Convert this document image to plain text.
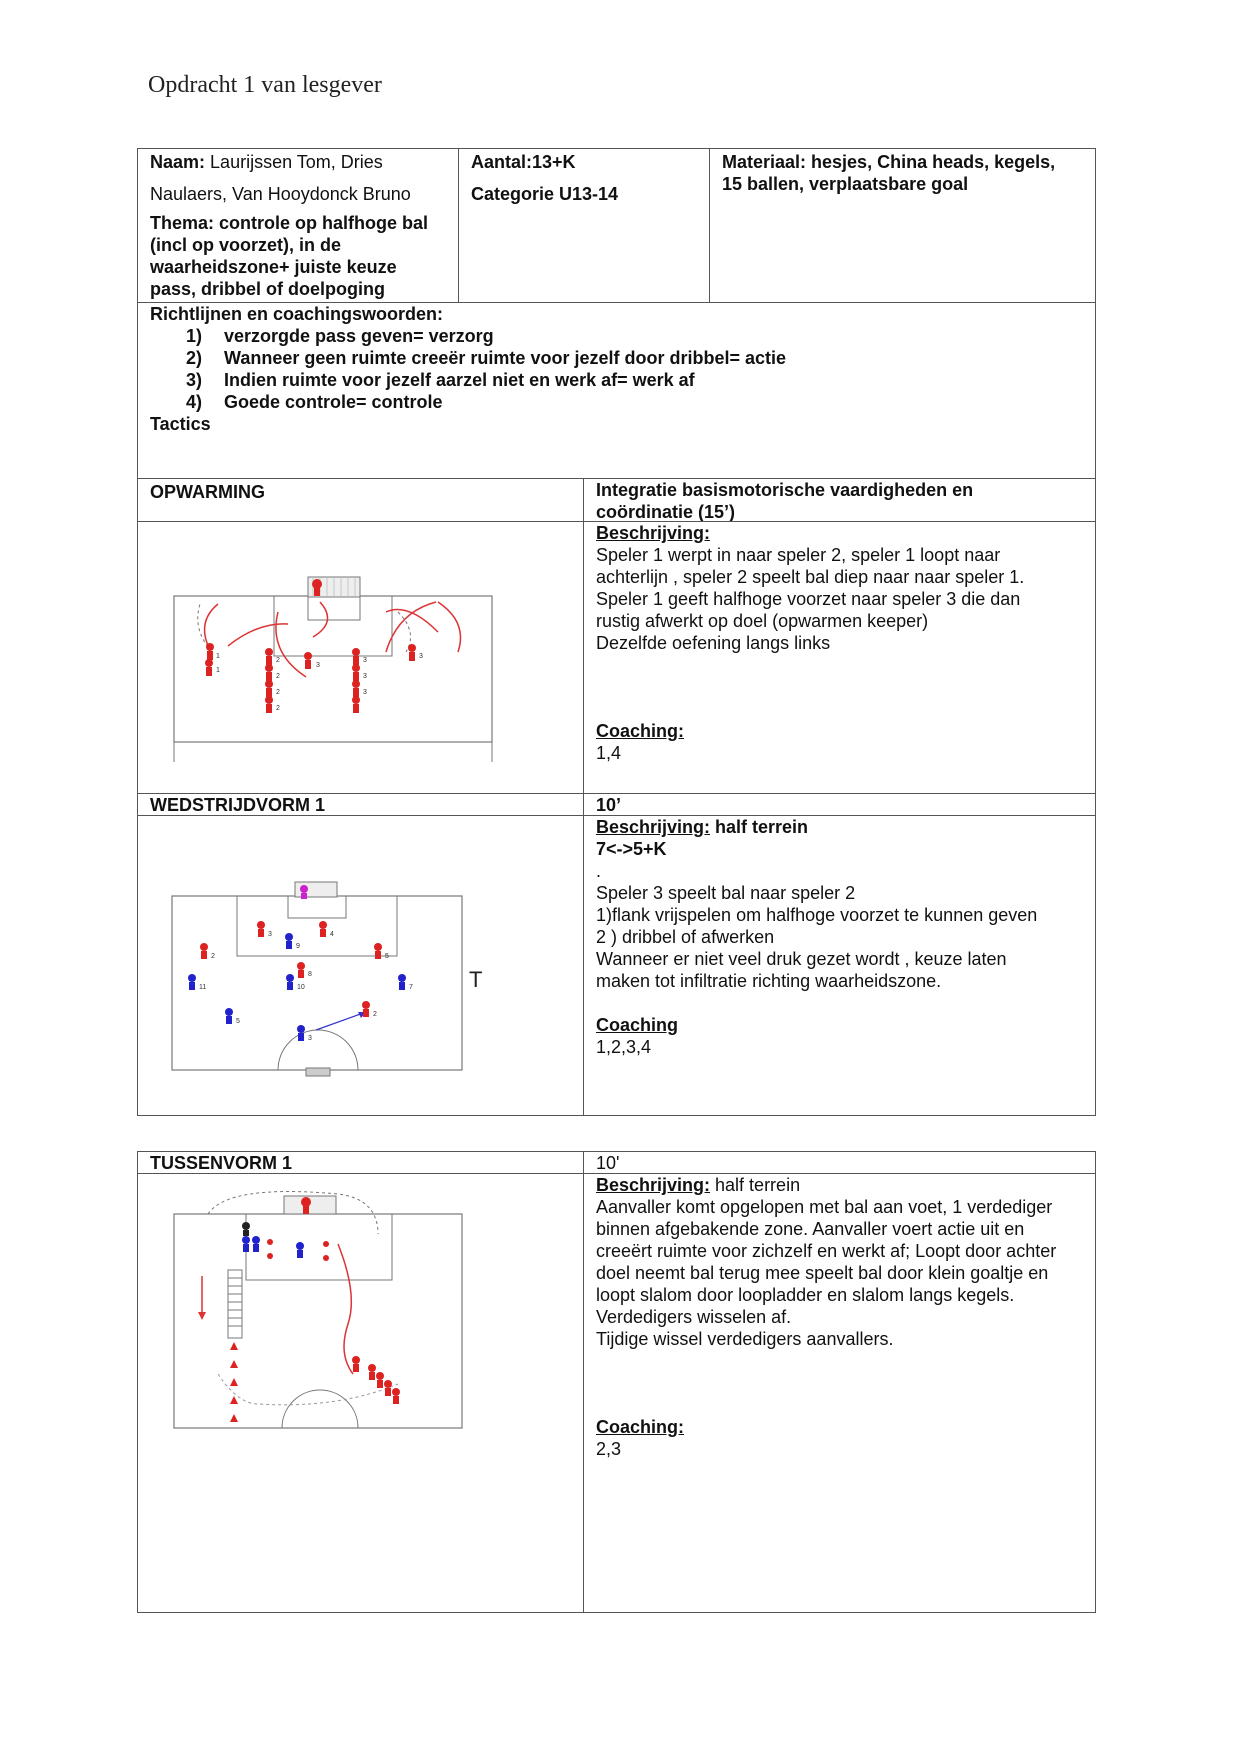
Opdracht 1 van lesgever
Naam: Laurijssen Tom, Dries
Naulaers, Van Hooydonck Bruno
Thema: controle op halfhoge bal
(incl op voorzet), in de
waarheidszone+ juiste keuze
pass, dribbel of doelpoging
Aantal:13+K
Categorie U13-14
Materiaal: hesjes, China heads, kegels,
15 ballen, verplaatsbare goal
Richtlijnen en coachingswoorden:
1) verzorgde pass geven= verzorg
2) Wanneer geen ruimte creeër ruimte voor jezelf door dribbel= actie
3) Indien ruimte voor jezelf aarzel niet en werk af= werk af
4) Goede controle= controle
Tactics
OPWARMING	Integratie basismotorische vaardigheden en
coördinatie (15’)
1
1
2
2
2
2
3
3
3
3
3
Beschrijving:
Speler 1 werpt in naar speler 2, speler 1 loopt naar
achterlijn , speler 2 speelt bal diep naar naar speler 1.
Speler 1 geeft halfhoge voorzet naar speler 3 die dan
rustig afwerkt op doel (opwarmen keeper)
Dezelfde oefening langs links
Coaching:
1,4
WEDSTRIJDVORM 1	10’
3	4
9
2	5
8
11	10	7
5
2
3
T
Beschrijving: half terrein
7<->5+K
.
Speler 3 speelt bal naar speler 2
1)flank vrijspelen om halfhoge voorzet te kunnen geven
2 ) dribbel of afwerken
Wanneer er niet veel druk gezet wordt , keuze laten
maken tot infiltratie richting waarheidszone.
Coaching
1,2,3,4
TUSSENVORM 1	10'
Beschrijving: half terrein
Aanvaller komt opgelopen met bal aan voet, 1 verdediger
binnen afgebakende zone. Aanvaller voert actie uit en
creeërt ruimte voor zichzelf en werkt af; Loopt door achter
doel neemt bal terug mee speelt bal door klein goaltje en
loopt slalom door loopladder en slalom langs kegels.
Verdedigers wisselen af.
Tijdige wissel verdedigers aanvallers.
Coaching:
2,3
